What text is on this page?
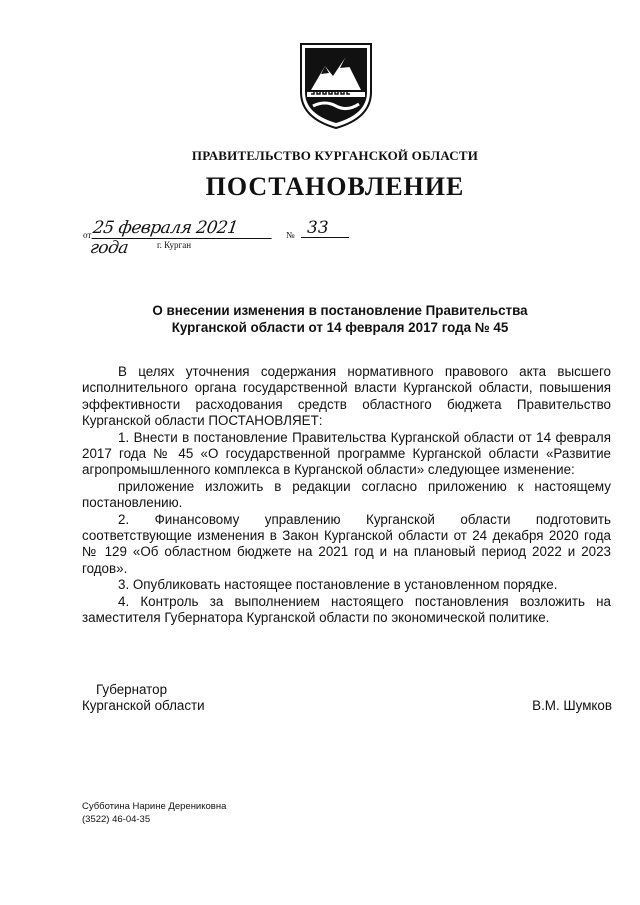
ПРАВИТЕЛЬСТВО КУРГАНСКОЙ ОБЛАСТИ
ПОСТАНОВЛЕНИЕ
от 25 февраля 2021 года
№ 33
г. Курган
О внесении изменения в постановление Правительства
Курганской области от 14 февраля 2017 года № 45

В целях уточнения содержания нормативного правового акта высшего исполнительного органа государственной власти Курганской области, повышения эффективности расходования средств областного бюджета Правительство Курганской области ПОСТАНОВЛЯЕТ:

1. Внести в постановление Правительства Курганской области от 14 февраля 2017 года № 45 «О государственной программе Курганской области «Развитие агропромышленного комплекса в Курганской области» следующее изменение:

приложение изложить в редакции согласно приложению к настоящему постановлению.

2. Финансовому управлению Курганской области подготовить соответствующие изменения в Закон Курганской области от 24 декабря 2020 года № 129 «Об областном бюджете на 2021 год и на плановый период 2022 и 2023 годов».

3. Опубликовать настоящее постановление в установленном порядке.

4. Контроль за выполнением настоящего постановления возложить на заместителя Губернатора Курганской области по экономической политике.

Губернатор
Курганской области	В.М. Шумков
Субботина Нарине Дерениковна
(3522) 46-04-35
